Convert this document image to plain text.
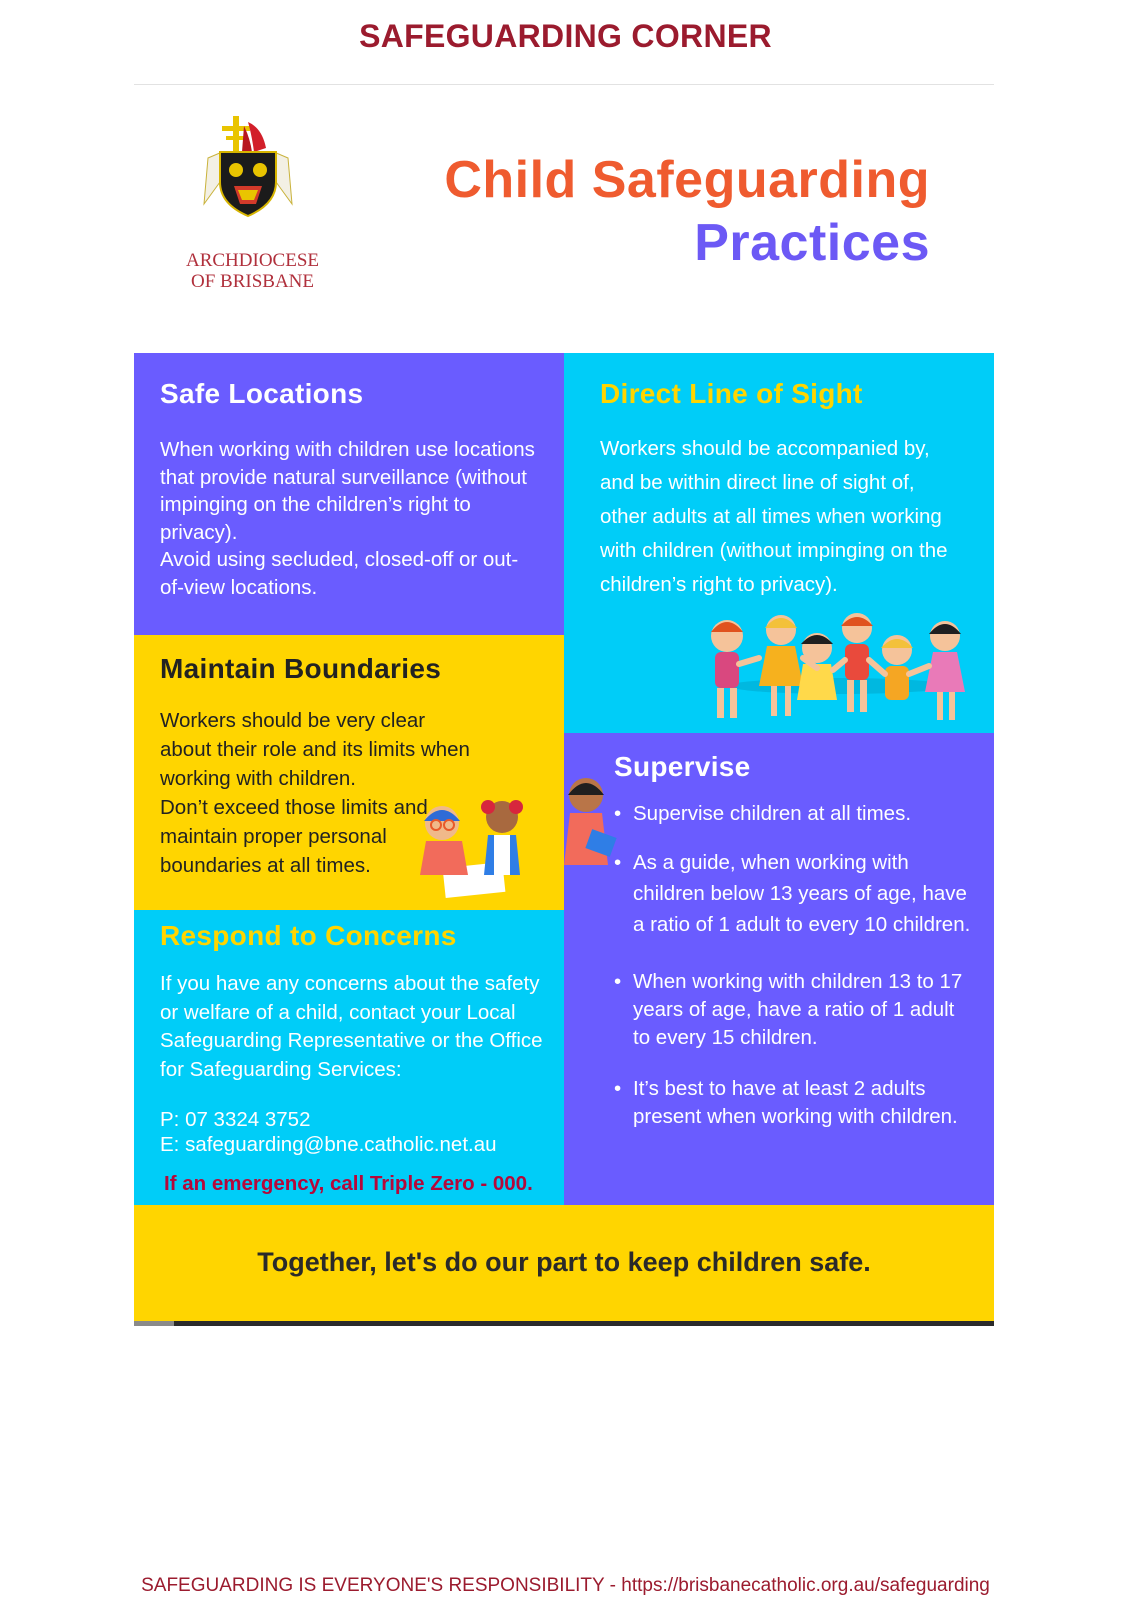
SAFEGUARDING CORNER
ARCHDIOCESE
OF BRISBANE
Child Safeguarding
Practices
Safe Locations
When working with children use locations
that provide natural surveillance (without
impinging on the children’s right to
privacy).
Avoid using secluded, closed-off or out-
of-view locations.
Direct Line of Sight
Workers should be accompanied by,
and be within direct line of sight of,
other adults at all times when working
with children (without impinging on the
children’s right to privacy).
Maintain Boundaries
Workers should be very clear
about their role and its limits when
working with children.
Don’t exceed those limits and
maintain proper personal
boundaries at all times.
Supervise
• Supervise children at all times.
• As a guide, when working with
children below 13 years of age, have
a ratio of 1 adult to every 10 children.
• When working with children 13 to 17
years of age, have a ratio of 1 adult
to every 15 children.
• It’s best to have at least 2 adults
present when working with children.
Respond to Concerns
If you have any concerns about the safety
or welfare of a child, contact your Local
Safeguarding Representative or the Office
for Safeguarding Services:
P: 07 3324 3752
E: safeguarding@bne.catholic.net.au
If an emergency, call Triple Zero - 000.
Together, let's do our part to keep children safe.
SAFEGUARDING IS EVERYONE'S RESPONSIBILITY - https://brisbanecatholic.org.au/safeguarding
